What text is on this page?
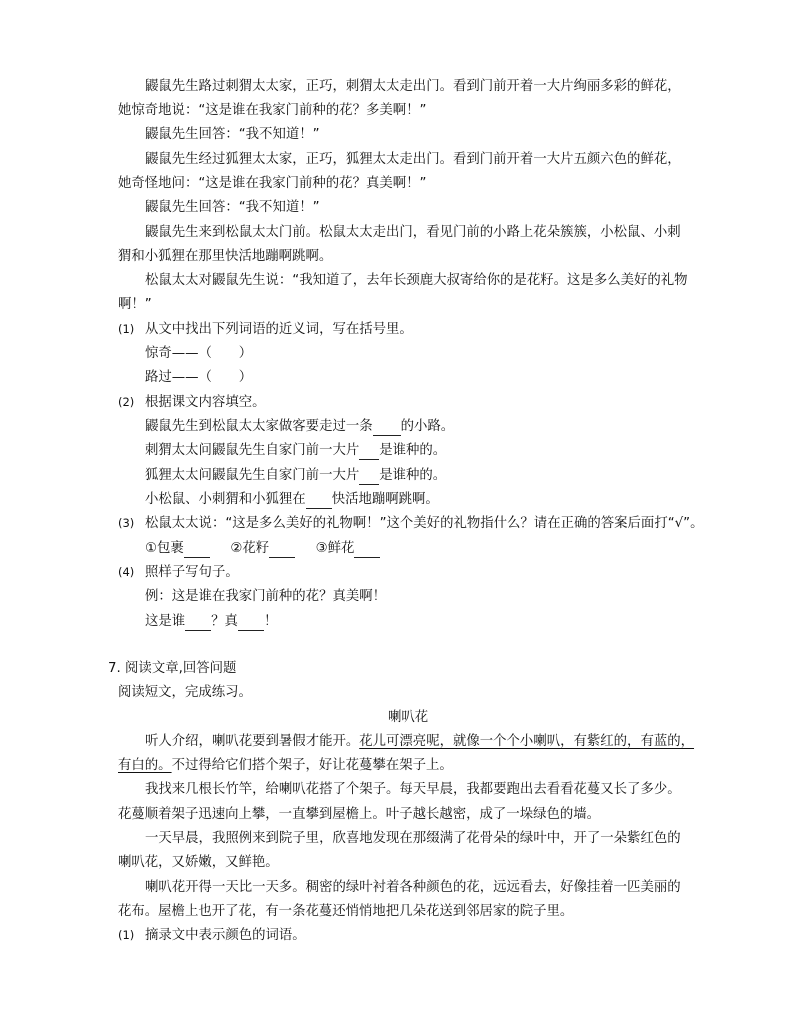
鼹鼠先生路过刺猬太太家，正巧，刺猬太太走出门。看到门前开着一大片绚丽多彩的鲜花，
她惊奇地说：“这是谁在我家门前种的花？多美啊！”
鼹鼠先生回答：“我不知道！”
鼹鼠先生经过狐狸太太家，正巧，狐狸太太走出门。看到门前开着一大片五颜六色的鲜花，
她奇怪地问：“这是谁在我家门前种的花？真美啊！”
鼹鼠先生回答：“我不知道！”
鼹鼠先生来到松鼠太太门前。松鼠太太走出门，看见门前的小路上花朵簇簇，小松鼠、小刺
猬和小狐狸在那里快活地蹦啊跳啊。
松鼠太太对鼹鼠先生说：“我知道了，去年长颈鹿大叔寄给你的是花籽。这是多么美好的礼物
啊！”
(1) 从文中找出下列词语的近义词，写在括号里。
惊奇——（　　）
路过——（　　）
(2) 根据课文内容填空。
鼹鼠先生到松鼠太太家做客要走过一条 的小路。
刺猬太太问鼹鼠先生自家门前一大片 是谁种的。
狐狸太太问鼹鼠先生自家门前一大片 是谁种的。
小松鼠、小刺猬和小狐狸在 快活地蹦啊跳啊。
(3) 松鼠太太说：“这是多么美好的礼物啊！”这个美好的礼物指什么？请在正确的答案后面打“√”。
①包裹	②花籽	③鲜花
(4) 照样子写句子。
例：这是谁在我家门前种的花？真美啊！
这是谁 ？真 ！
7. 阅读文章,回答问题
阅读短文，完成练习。
喇叭花
听人介绍，喇叭花要到暑假才能开。花儿可漂亮呢，就像一个个小喇叭，有紫红的，有蓝的，
有白的。不过得给它们搭个架子，好让花蔓攀在架子上。
我找来几根长竹竿，给喇叭花搭了个架子。每天早晨，我都要跑出去看看花蔓又长了多少。
花蔓顺着架子迅速向上攀，一直攀到屋檐上。叶子越长越密，成了一垛绿色的墙。
一天早晨，我照例来到院子里，欣喜地发现在那缀满了花骨朵的绿叶中，开了一朵紫红色的
喇叭花，又娇嫩，又鲜艳。
喇叭花开得一天比一天多。稠密的绿叶衬着各种颜色的花，远远看去，好像挂着一匹美丽的
花布。屋檐上也开了花，有一条花蔓还悄悄地把几朵花送到邻居家的院子里。
(1) 摘录文中表示颜色的词语。
